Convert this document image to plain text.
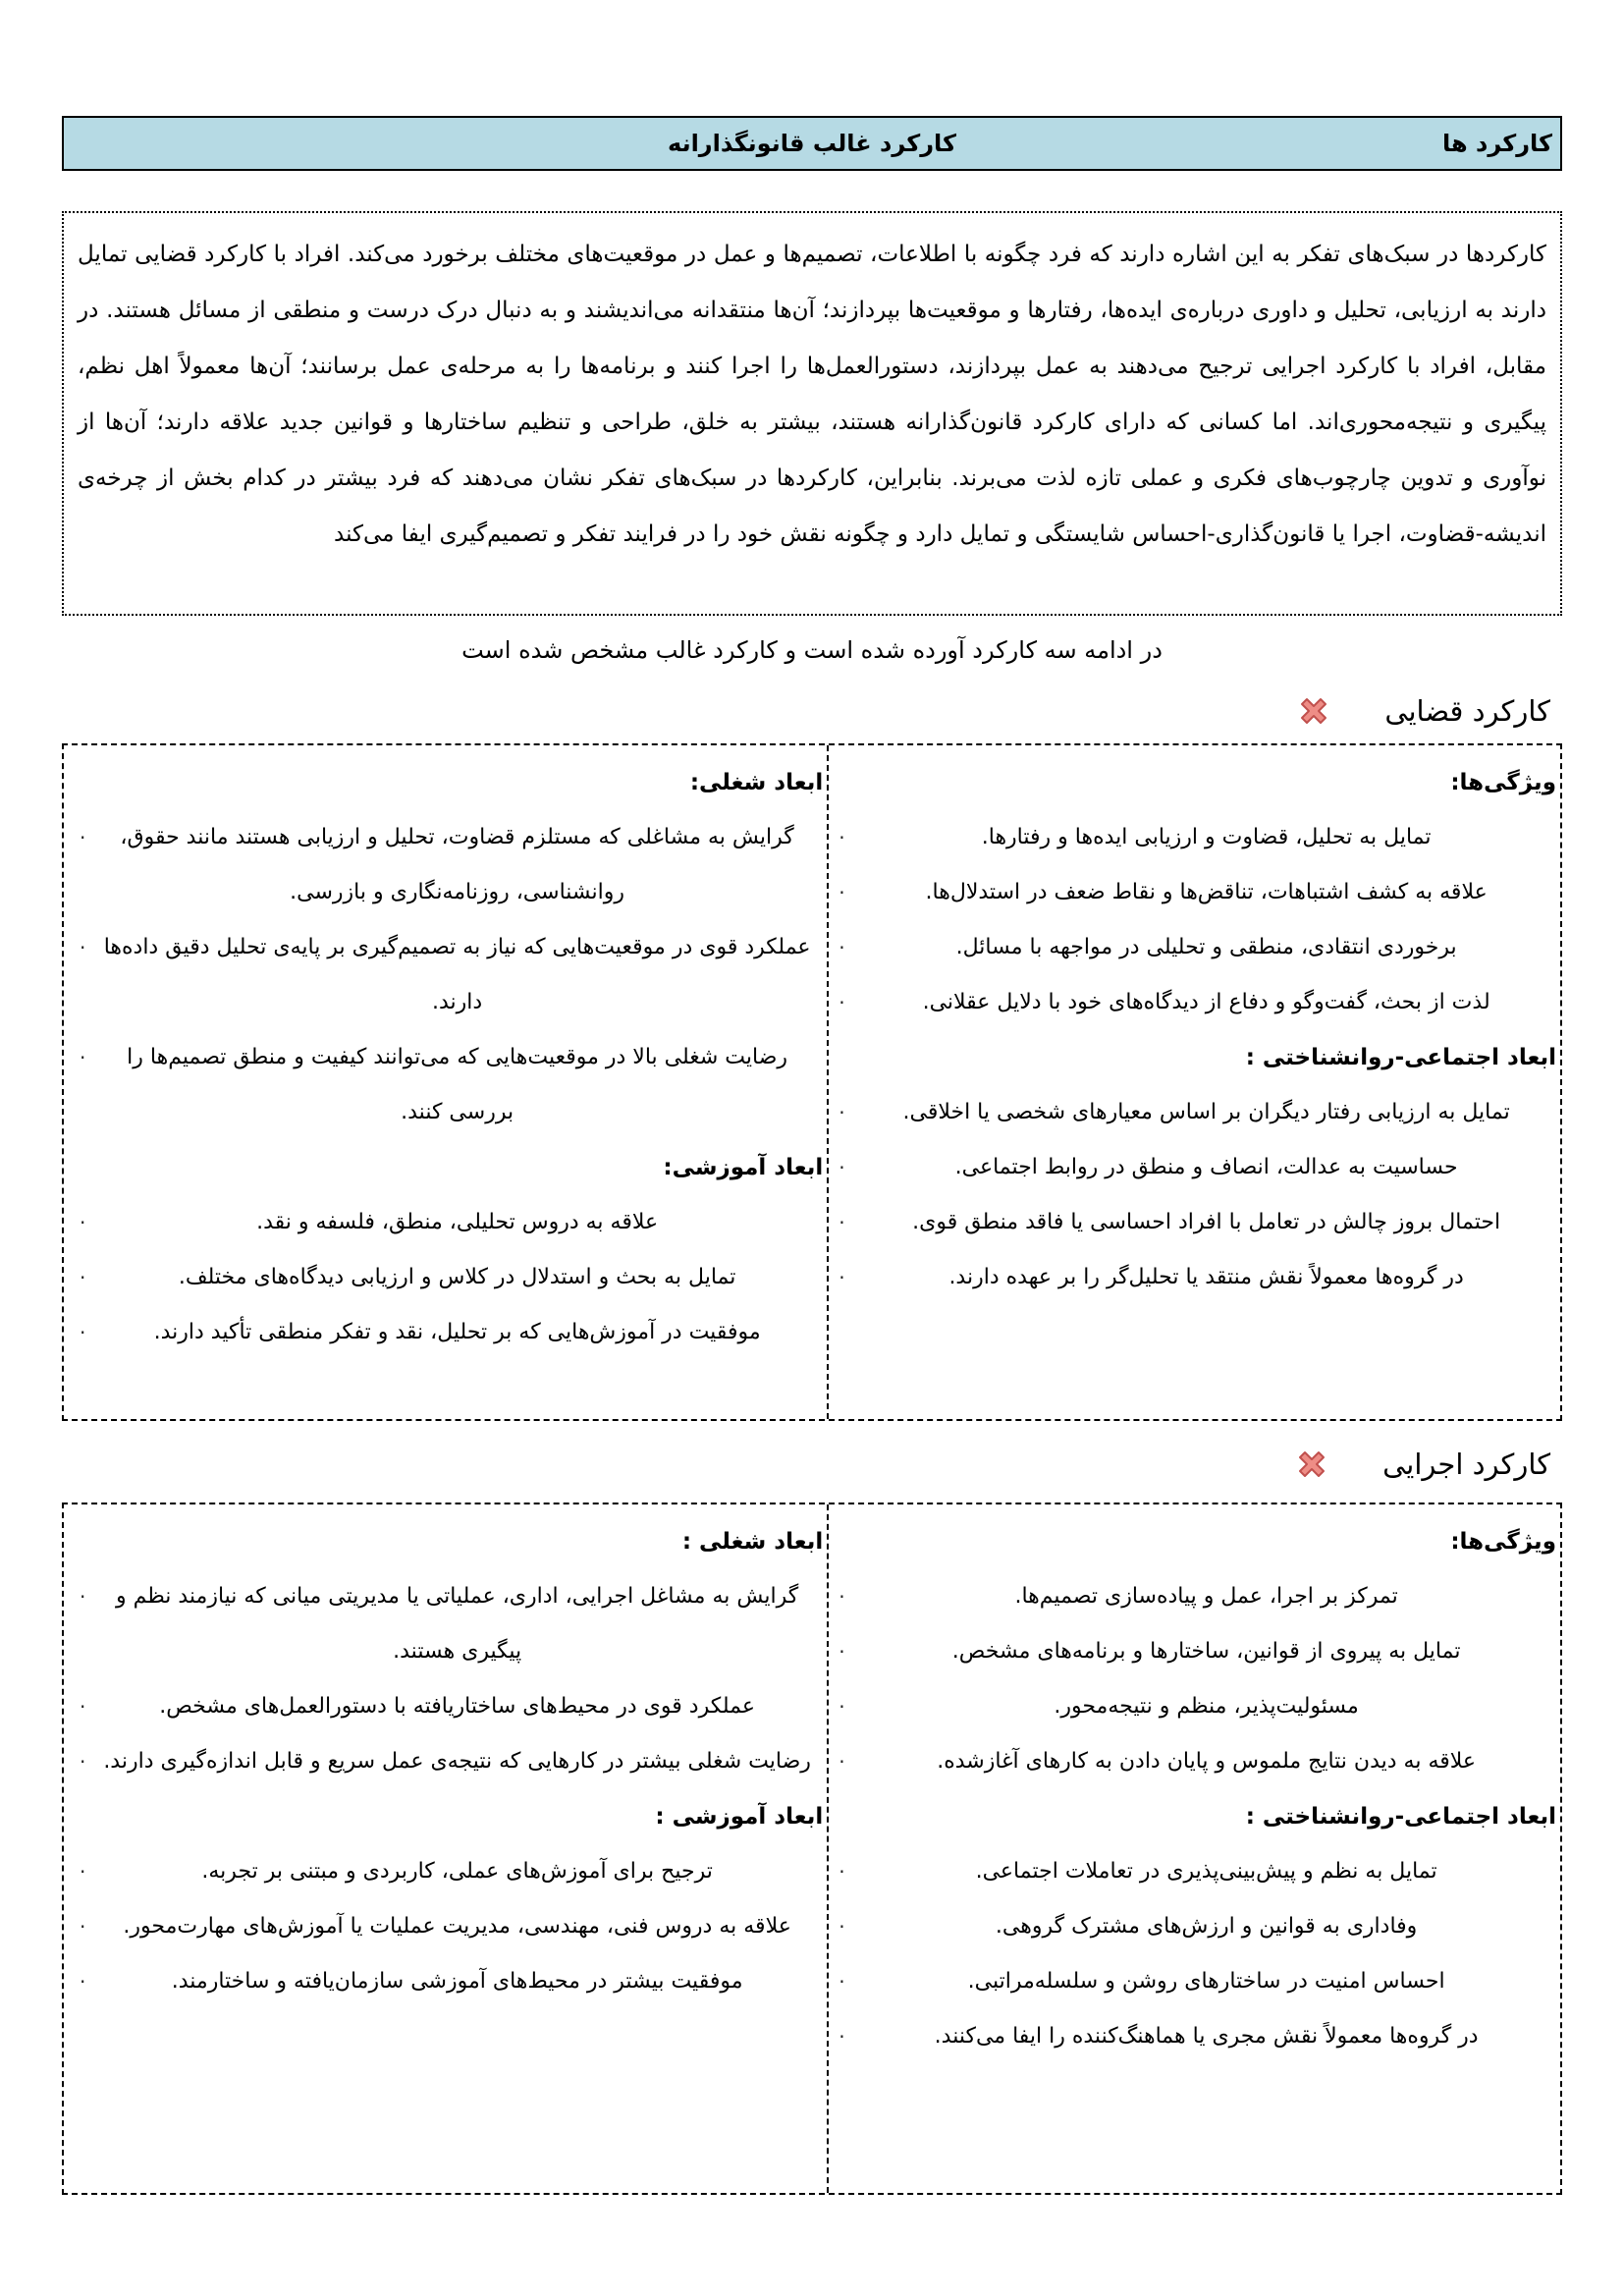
کارکرد غالب قانونگذارانه	کارکرد ها

کارکردها در سبک‌های تفکر به این اشاره دارند که فرد چگونه با اطلاعات، تصمیم‌ها و عمل در موقعیت‌های مختلف برخورد می‌کند. افراد با کارکرد قضایی تمایل دارند به ارزیابی، تحلیل و داوری درباره‌ی ایده‌ها، رفتارها و موقعیت‌ها بپردازند؛ آن‌ها منتقدانه می‌اندیشند و به دنبال درک درست و منطقی از مسائل هستند. در مقابل، افراد با کارکرد اجرایی ترجیح می‌دهند به عمل بپردازند، دستورالعمل‌ها را اجرا کنند و برنامه‌ها را به مرحله‌ی عمل برسانند؛ آن‌ها معمولاً اهل نظم، پیگیری و نتیجه‌محوری‌اند. اما کسانی که دارای کارکرد قانون‌گذارانه هستند، بیشتر به خلق، طراحی و تنظیم ساختارها و قوانین جدید علاقه دارند؛ آن‌ها از نوآوری و تدوین چارچوب‌های فکری و عملی تازه لذت می‌برند. بنابراین، کارکردها در سبک‌های تفکر نشان می‌دهند که فرد بیشتر در کدام بخش از چرخه‌ی اندیشه-قضاوت، اجرا یا قانون‌گذاری-احساس شایستگی و تمایل دارد و چگونه نقش خود را در فرایند تفکر و تصمیم‌گیری ایفا می‌کند

در ادامه سه کارکرد آورده شده است و کارکرد غالب مشخص شده است
کارکرد قضایی
ویژگی‌ها:
· تمایل به تحلیل، قضاوت و ارزیابی ایده‌ها و رفتارها.
· علاقه به کشف اشتباهات، تناقض‌ها و نقاط ضعف در استدلال‌ها.
· برخوردی انتقادی، منطقی و تحلیلی در مواجهه با مسائل.
· لذت از بحث، گفت‌وگو و دفاع از دیدگاه‌های خود با دلایل عقلانی.
ابعاد اجتماعی-روانشناختی :
· تمایل به ارزیابی رفتار دیگران بر اساس معیارهای شخصی یا اخلاقی.
· حساسیت به عدالت، انصاف و منطق در روابط اجتماعی.
· احتمال بروز چالش در تعامل با افراد احساسی یا فاقد منطق قوی.
· در گروه‌ها معمولاً نقش منتقد یا تحلیل‌گر را بر عهده دارند.
ابعاد شغلی:
· گرایش به مشاغلی که مستلزم قضاوت، تحلیل و ارزیابی هستند مانند حقوق، روانشناسی، روزنامه‌نگاری و بازرسی.
· عملکرد قوی در موقعیت‌هایی که نیاز به تصمیم‌گیری بر پایه‌ی تحلیل دقیق داده‌ها دارند.
· رضایت شغلی بالا در موقعیت‌هایی که می‌توانند کیفیت و منطق تصمیم‌ها را بررسی کنند.
ابعاد آموزشی:
· علاقه به دروس تحلیلی، منطق، فلسفه و نقد.
· تمایل به بحث و استدلال در کلاس و ارزیابی دیدگاه‌های مختلف.
· موفقیت در آموزش‌هایی که بر تحلیل، نقد و تفکر منطقی تأکید دارند.
کارکرد اجرایی
ویژگی‌ها:
· تمرکز بر اجرا، عمل و پیاده‌سازی تصمیم‌ها.
· تمایل به پیروی از قوانین، ساختارها و برنامه‌های مشخص.
· مسئولیت‌پذیر، منظم و نتیجه‌محور.
· علاقه به دیدن نتایج ملموس و پایان دادن به کارهای آغازشده.
ابعاد اجتماعی-روانشناختی :
· تمایل به نظم و پیش‌بینی‌پذیری در تعاملات اجتماعی.
· وفاداری به قوانین و ارزش‌های مشترک گروهی.
· احساس امنیت در ساختارهای روشن و سلسله‌مراتبی.
· در گروه‌ها معمولاً نقش مجری یا هماهنگ‌کننده را ایفا می‌کنند.
ابعاد شغلی :
· گرایش به مشاغل اجرایی، اداری، عملیاتی یا مدیریتی میانی که نیازمند نظم و پیگیری هستند.
· عملکرد قوی در محیط‌های ساختاریافته با دستورالعمل‌های مشخص.
· رضایت شغلی بیشتر در کارهایی که نتیجه‌ی عمل سریع و قابل اندازه‌گیری دارند.
ابعاد آموزشی :
· ترجیح برای آموزش‌های عملی، کاربردی و مبتنی بر تجربه.
· علاقه به دروس فنی، مهندسی، مدیریت عملیات یا آموزش‌های مهارت‌محور.
· موفقیت بیشتر در محیط‌های آموزشی سازمان‌یافته و ساختارمند.
